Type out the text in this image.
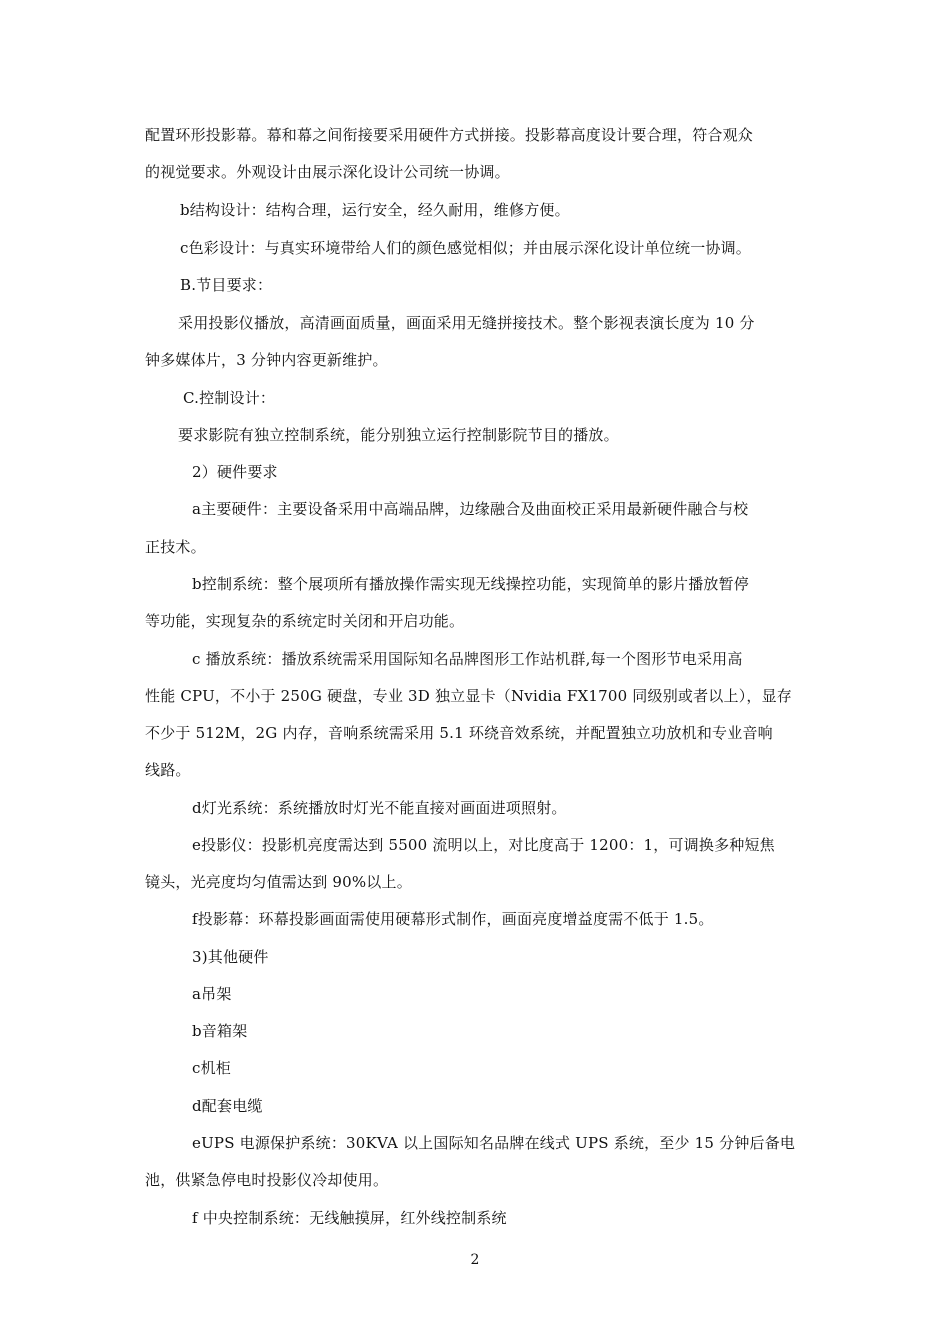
配置环形投影幕。幕和幕之间衔接要采用硬件方式拼接。投影幕高度设计要合理，符合观众
的视觉要求。外观设计由展示深化设计公司统一协调。
b结构设计：结构合理，运行安全，经久耐用，维修方便。
c色彩设计：与真实环境带给人们的颜色感觉相似；并由展示深化设计单位统一协调。
B.节目要求：
采用投影仪播放，高清画面质量，画面采用无缝拼接技术。整个影视表演长度为 10 分
钟多媒体片，3 分钟内容更新维护。
C.控制设计：
要求影院有独立控制系统，能分别独立运行控制影院节目的播放。
2）硬件要求
a主要硬件：主要设备采用中高端品牌，边缘融合及曲面校正采用最新硬件融合与校
正技术。
b控制系统：整个展项所有播放操作需实现无线操控功能，实现简单的影片播放暂停
等功能，实现复杂的系统定时关闭和开启功能。
c 播放系统：播放系统需采用国际知名品牌图形工作站机群,每一个图形节电采用高
性能 CPU，不小于 250G 硬盘，专业 3D 独立显卡（Nvidia FX1700 同级别或者以上），显存
不少于 512M，2G 内存，音响系统需采用 5.1 环绕音效系统，并配置独立功放机和专业音响
线路。
d灯光系统：系统播放时灯光不能直接对画面进项照射。
e投影仪：投影机亮度需达到 5500 流明以上，对比度高于 1200：1，可调换多种短焦
镜头，光亮度均匀值需达到 90%以上。
f投影幕：环幕投影画面需使用硬幕形式制作，画面亮度增益度需不低于 1.5。
3)其他硬件
a吊架
b音箱架
c机柜
d配套电缆
eUPS 电源保护系统：30KVA 以上国际知名品牌在线式 UPS 系统，至少 15 分钟后备电
池，供紧急停电时投影仪冷却使用。
f 中央控制系统：无线触摸屏，红外线控制系统
2
